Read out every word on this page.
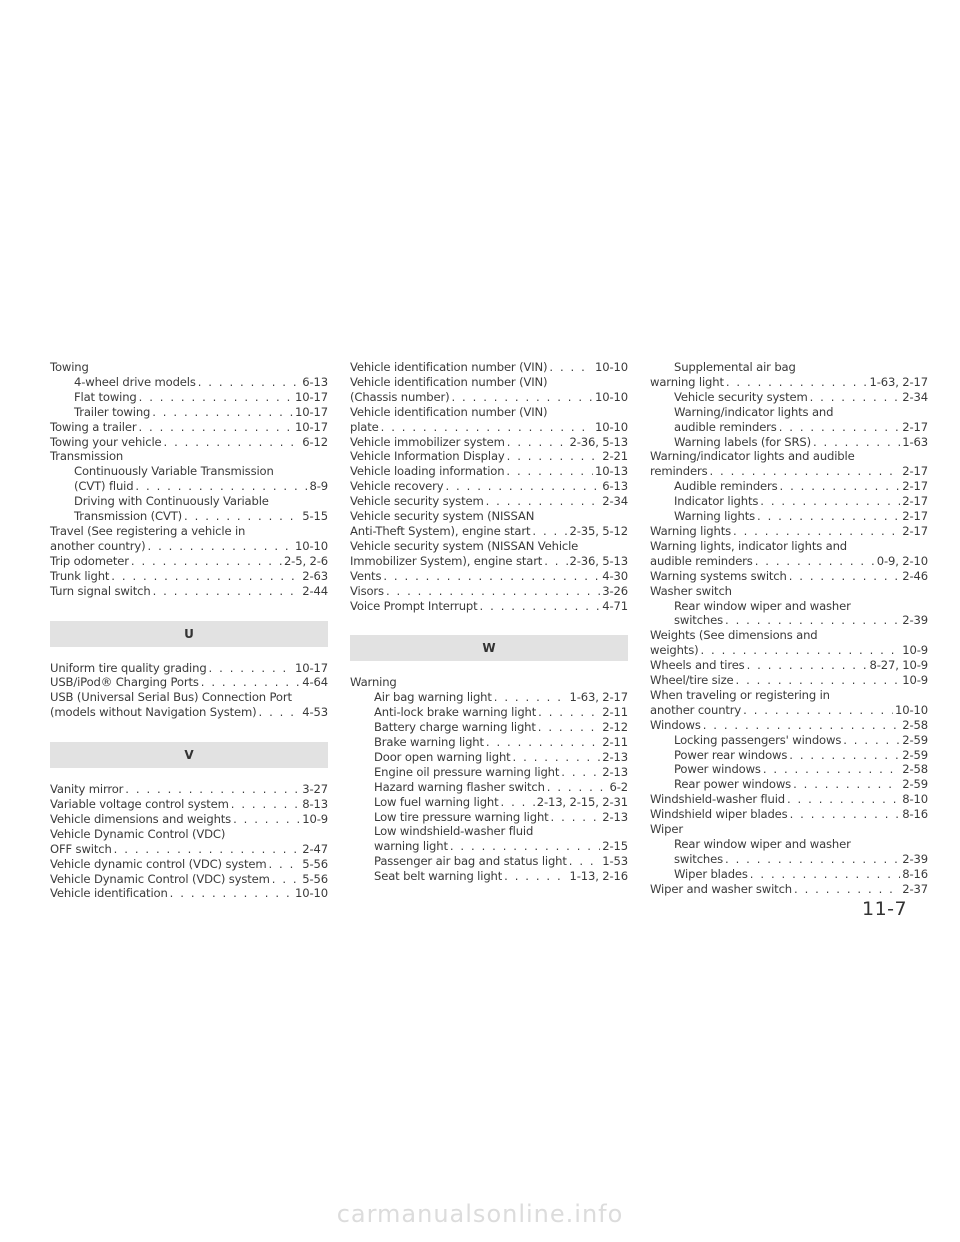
Towing
4-wheel drive models . . .	6-13
Flat towing . . .	10-17
Trailer towing . . .	10-17
Towing a trailer . . .	10-17
Towing your vehicle . . .	6-12
Transmission
Continuously Variable Transmission
(CVT) fluid . . .	8-9
Driving with Continuously Variable
Transmission (CVT) . . .	5-15
Travel (See registering a vehicle in
another country) . . .	10-10
Trip odometer . . .	2-5, 2-6
Trunk light . . .	2-63
Turn signal switch . . .	2-44
U
Uniform tire quality grading . . .	10-17
USB/iPod® Charging Ports . . .	4-64
USB (Universal Serial Bus) Connection Port
(models without Navigation System) . . .	4-53
V
Vanity mirror . . .	3-27
Variable voltage control system . . .	8-13
Vehicle dimensions and weights . . .	10-9
Vehicle Dynamic Control (VDC)
OFF switch . . .	2-47
Vehicle dynamic control (VDC) system . . .	5-56
Vehicle Dynamic Control (VDC) system . . .	5-56
Vehicle identification . . .	10-10
Vehicle identification number (VIN) . . .	10-10
Vehicle identification number (VIN)
(Chassis number) . . .	10-10
Vehicle identification number (VIN)
plate . . .	10-10
Vehicle immobilizer system . . .	2-36, 5-13
Vehicle Information Display . . .	2-21
Vehicle loading information . . .	10-13
Vehicle recovery . . .	6-13
Vehicle security system . . .	2-34
Vehicle security system (NISSAN
Anti-Theft System), engine start . . .	2-35, 5-12
Vehicle security system (NISSAN Vehicle
Immobilizer System), engine start . . . 2-36, 5-13
Vents . . .	4-30
Visors . . .	3-26
Voice Prompt Interrupt . . .	4-71
W
Warning
Air bag warning light . . .	1-63, 2-17
Anti-lock brake warning light . . .	2-11
Battery charge warning light . . .	2-12
Brake warning light . . .	2-11
Door open warning light . . .	2-13
Engine oil pressure warning light . . .	2-13
Hazard warning flasher switch . . .	6-2
Low fuel warning light . . .	2-13, 2-15, 2-31
Low tire pressure warning light . . .	2-13
Low windshield-washer fluid
warning light . . .	2-15
Passenger air bag and status light . . .	1-53
Seat belt warning light . . .	1-13, 2-16
Supplemental air bag
warning light . . .	1-63, 2-17
Vehicle security system . . .	2-34
Warning/indicator lights and
audible reminders . . .	2-17
Warning labels (for SRS) . . .	1-63
Warning/indicator lights and audible
reminders . . .	2-17
Audible reminders . . .	2-17
Indicator lights . . .	2-17
Warning lights . . .	2-17
Warning lights . . .	2-17
Warning lights, indicator lights and
audible reminders . . .	0-9, 2-10
Warning systems switch . . .	2-46
Washer switch
Rear window wiper and washer
switches . . .	2-39
Weights (See dimensions and
weights) . . .	10-9
Wheels and tires . . .	8-27, 10-9
Wheel/tire size . . .	10-9
When traveling or registering in
another country . . .	10-10
Windows . . .	2-58
Locking passengers' windows . . .	2-59
Power rear windows . . .	2-59
Power windows . . .	2-58
Rear power windows . . .	2-59
Windshield-washer fluid . . .	8-10
Windshield wiper blades . . .	8-16
Wiper
Rear window wiper and washer
switches . . .	2-39
Wiper blades . . .	8-16
Wiper and washer switch . . .	2-37
11-7
carmanualsonline.info
